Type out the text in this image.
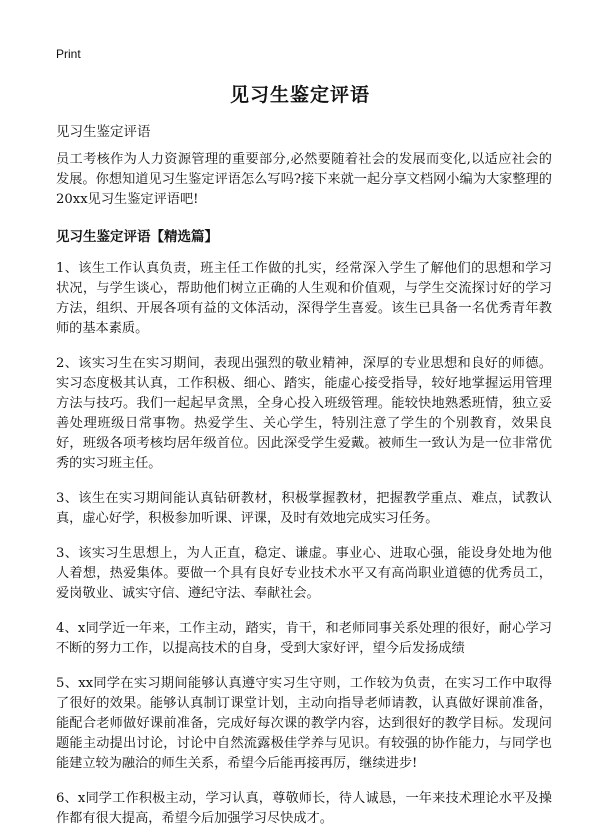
Print
见习生鉴定评语

见习生鉴定评语

员工考核作为人力资源管理的重要部分,必然要随着社会的发展而变化,以适应社会的发展。你想知道见习生鉴定评语怎么写吗?接下来就一起分享文档网小编为大家整理的20xx见习生鉴定评语吧!

见习生鉴定评语【精选篇】

1、该生工作认真负责，班主任工作做的扎实，经常深入学生了解他们的思想和学习状况，与学生谈心，帮助他们树立正确的人生观和价值观，与学生交流探讨好的学习方法，组织、开展各项有益的文体活动，深得学生喜爱。该生已具备一名优秀青年教师的基本素质。

2、该实习生在实习期间，表现出强烈的敬业精神，深厚的专业思想和良好的师德。实习态度极其认真，工作积极、细心、踏实，能虚心接受指导，较好地掌握运用管理方法与技巧。我们一起起早贪黑，全身心投入班级管理。能较快地熟悉班情，独立妥善处理班级日常事物。热爱学生、关心学生，特别注意了学生的个别教育，效果良好，班级各项考核均居年级首位。因此深受学生爱戴。被师生一致认为是一位非常优秀的实习班主任。

3、该生在实习期间能认真钻研教材，积极掌握教材，把握教学重点、难点，试教认真，虚心好学，积极参加听课、评课，及时有效地完成实习任务。

3、该实习生思想上，为人正直，稳定、谦虚。事业心、进取心强，能设身处地为他人着想，热爱集体。要做一个具有良好专业技术水平又有高尚职业道德的优秀员工，爱岗敬业、诚实守信、遵纪守法、奉献社会。

4、x同学近一年来，工作主动，踏实，肯干，和老师同事关系处理的很好，耐心学习不断的努力工作，以提高技术的自身，受到大家好评，望今后发扬成绩

5、xx同学在实习期间能够认真遵守实习生守则，工作较为负责，在实习工作中取得了很好的效果。能够认真制订课堂计划，主动向指导老师请教，认真做好课前准备，能配合老师做好课前准备，完成好每次课的教学内容，达到很好的教学目标。发现问题能主动提出讨论，讨论中自然流露极佳学养与见识。有较强的协作能力，与同学也能建立较为融洽的师生关系，希望今后能再接再厉，继续进步!

6、x同学工作积极主动，学习认真，尊敬师长，待人诚恳，一年来技术理论水平及操作都有很大提高，希望今后加强学习尽快成才。
